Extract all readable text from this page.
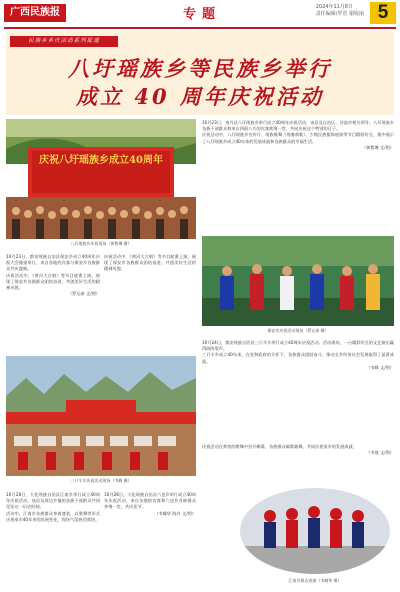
广西民族报	专题	2024年11月8日
责任编辑/罗浩 谢妮丽 5
民族乡乡庆活动系列报道
八圩瑶族乡等民族乡举行
成立 40 周年庆祝活动
庆祝八圩瑶族乡成立40周年
八圩瑶族乡庆祝现场（黄紫琳 摄）

10月23日，南丹县八圩瑶族乡举行成立40周年庆祝活动，该县及自治区、河池市相关领导，八圩瑶族乡各族干部群众和来自四面八方的宾客欢聚一堂，共同庆祝这个特别的日子。

庆祝活动中，八圩瑶族乡宣传片、瑶族歌舞《瑶寨欢歌》、少数民族服饰展演等节目精彩纷呈，集中展示了八圩瑶族乡成立40年来的发展成就和各族群众的幸福生活。

（黄紫琳 文/图）

10月23日，都安瑶族自治县保安乡成立40周年庆祝大会隆重举行，来自各地的宾客与保安乡各族群众共庆盛典。

庆祝活动中，《黄河大合唱》等节目轮番上演，展现了保安乡各族群众团结奋进、共创美好生活的精神风貌。

（罗运泰 文/图）

庆祝活动中，《黄河大合唱》等节目轮番上演，展现了保安乡各族群众团结奋进、共创美好生活的精神风貌。

保安乡庆祝活动现场（罗运泰 摄）

10月24日，都安瑶族自治县三只羊乡举行成立40周年庆祝活动。活动现场，一台精彩纷呈的文艺演出赢得阵阵掌声。

三只羊乡成立40年来，在党和政府的关怀下，各族群众团结奋斗，推动全乡经济社会发展取得了显著成就。

（韦峰 文/图）

三只羊乡庆祝活动现场（韦峰 摄）

10月28日，大化瑶族自治县江南乡举行成立40周年庆祝活动，该县及周边乡镇的各族干部群众共同见证这一历史时刻。

活动中，江南乡各族群众身着盛装，以歌舞等形式庆祝家乡40年来的发展变化，现场气氛热烈欢快。

10月28日，大化瑶族自治县六也乡举行成立40周年庆祝活动，来自各地的宾客和六也乡各族群众齐聚一堂，共庆佳节。

（韦峰华 陈丹 文/图）

庆祝活动在欢快的歌舞中拉开帷幕，各族群众载歌载舞，共同庆祝家乡的发展成就。

（韦建 文/图）

江南乡群众表演（韦峰华 摄）
